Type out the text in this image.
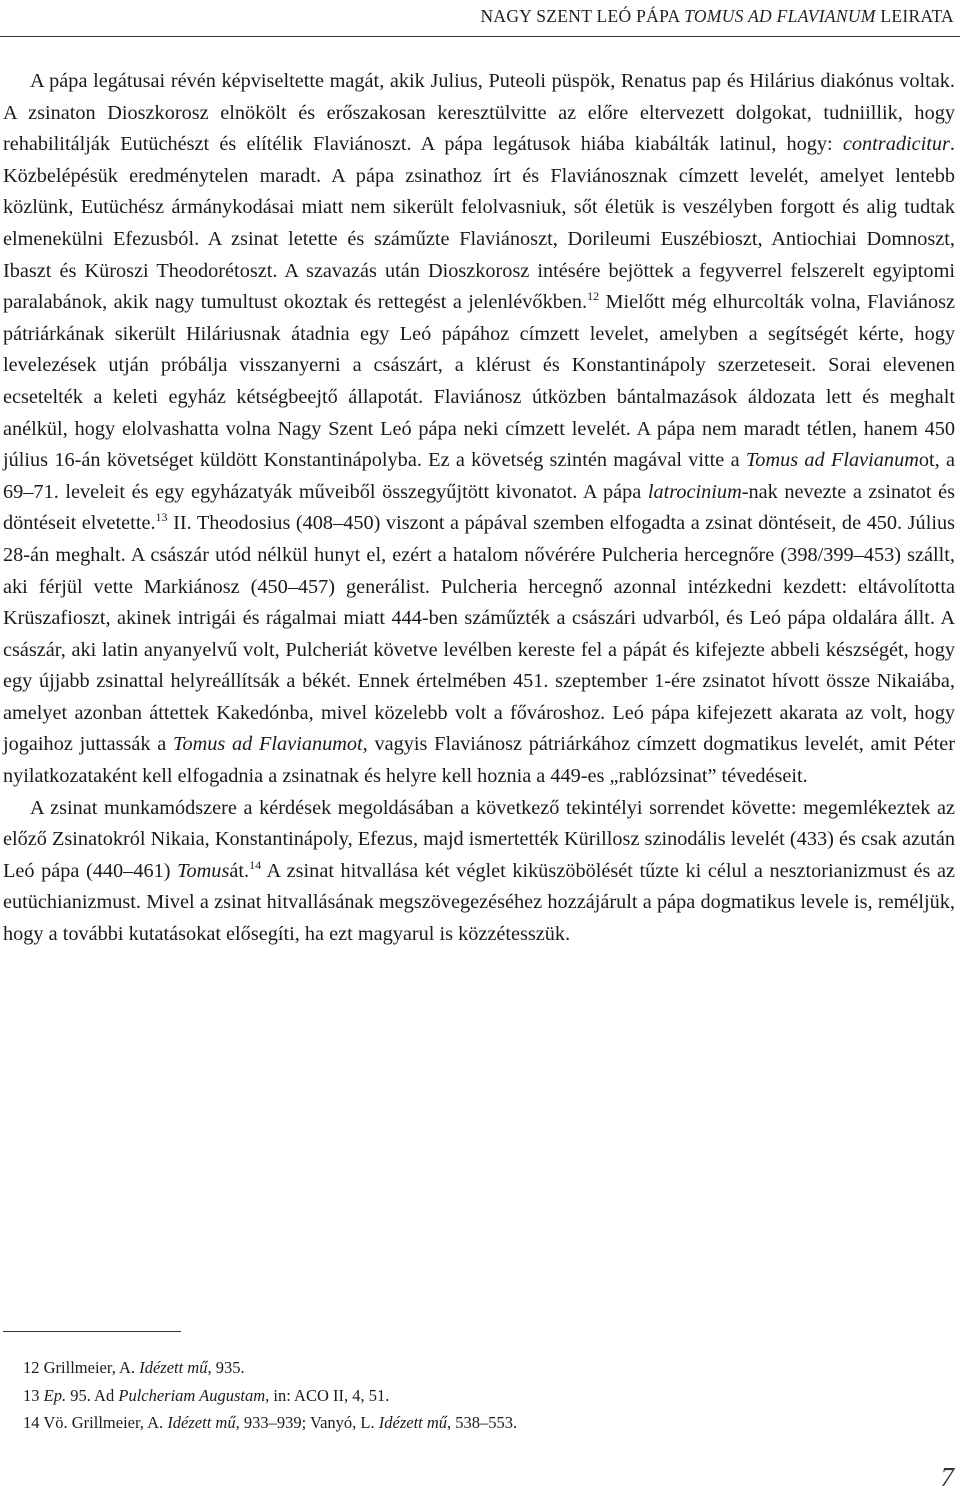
NAGY SZENT LEÓ PÁPA TOMUS AD FLAVIANUM LEIRATA

A pápa legátusai révén képviseltette magát, akik Julius, Puteoli püspök, Renatus pap és Hilárius diakónus voltak. A zsinaton Dioszkorosz elnökölt és erőszakosan keresztülvitte az előre eltervezett dolgokat, tudniillik, hogy rehabilitálják Eutüchészt és elítélik Flaviánoszt. A pápa legátusok hiába kiabálták latinul, hogy: contradicitur. Közbelépésük eredménytelen maradt. A pápa zsinathoz írt és Flaviánosznak címzett levelét, amelyet lentebb közlünk, Eutüchész ármánykodásai miatt nem sikerült felolvasniuk, sőt életük is veszélyben forgott és alig tudtak elmenekülni Efezusból. A zsinat letette és száműzte Flaviánoszt, Dorileumi Euszébioszt, Antiochiai Domnoszt, Ibaszt és Küroszi Theodorétoszt. A szavazás után Dioszkorosz intésére bejöttek a fegyverrel felszerelt egyiptomi paralabánok, akik nagy tumultust okoztak és rettegést a jelenlévőkben.$^{12}$ Mielőtt még elhurcolták volna, Flaviánosz pátriárkának sikerült Hiláriusnak átadnia egy Leó pápához címzett levelet, amelyben a segítségét kérte, hogy levelezések utján próbálja visszanyerni a császárt, a klérust és Konstantinápoly szerzeteseit. Sorai elevenen ecsetelték a keleti egyház kétségbeejtő állapotát. Flaviánosz útközben bántalmazások áldozata lett és meghalt anélkül, hogy elolvashatta volna Nagy Szent Leó pápa neki címzett levelét. A pápa nem maradt tétlen, hanem 450 július 16-án követséget küldött Konstantinápolyba. Ez a követség szintén magával vitte a Tomus ad Flavianumot, a 69–71. leveleit és egy egyházatyák műveiből összegyűjtött kivonatot. A pápa latrocinium-nak nevezte a zsinatot és döntéseit elvetette.$^{13}$ II. Theodosius (408–450) viszont a pápával szemben elfogadta a zsinat döntéseit, de 450. Július 28-án meghalt. A császár utód nélkül hunyt el, ezért a hatalom nővérére Pulcheria hercegnőre (398/399–453) szállt, aki férjül vette Markiánosz (450–457) generálist. Pulcheria hercegnő azonnal intézkedni kezdett: eltávolította Krüszafioszt, akinek intrigái és rágalmai miatt 444-ben száműzték a császári udvarból, és Leó pápa oldalára állt. A császár, aki latin anyanyelvű volt, Pulcheriát követve levélben kereste fel a pápát és kifejezte abbeli készségét, hogy egy újjabb zsinattal helyreállítsák a békét. Ennek értelmében 451. szeptember 1-ére zsinatot hívott össze Nikaiába, amelyet azonban áttettek Kakedónba, mivel közelebb volt a fővároshoz. Leó pápa kifejezett akarata az volt, hogy jogaihoz juttassák a Tomus ad Flavianumot, vagyis Flaviánosz pátriárkához címzett dogmatikus levelét, amit Péter nyilatkozataként kell elfogadnia a zsinatnak és helyre kell hoznia a 449-es „rablózsinat” tévedéseit.

A zsinat munkamódszere a kérdések megoldásában a következő tekintélyi sorrendet követte: megemlékeztek az előző Zsinatokról Nikaia, Konstantinápoly, Efezus, majd ismertették Kürillosz szinodális levelét (433) és csak azután Leó pápa (440–461) Tomusát.$^{14}$ A zsinat hitvallása két véglet kiküszöbölését tűzte ki célul a nesztorianizmust és az eutüchianizmust. Mivel a zsinat hitvallásának megszövegezéséhez hozzájárult a pápa dogmatikus levele is, reméljük, hogy a további kutatásokat elősegíti, ha ezt magyarul is közzétesszük.

12 Grillmeier, A. Idézett mű, 935.
13 Ep. 95. Ad Pulcheriam Augustam, in: ACO II, 4, 51.
14 Vö. Grillmeier, A. Idézett mű, 933–939; Vanyó, L. Idézett mű, 538–553.
7
